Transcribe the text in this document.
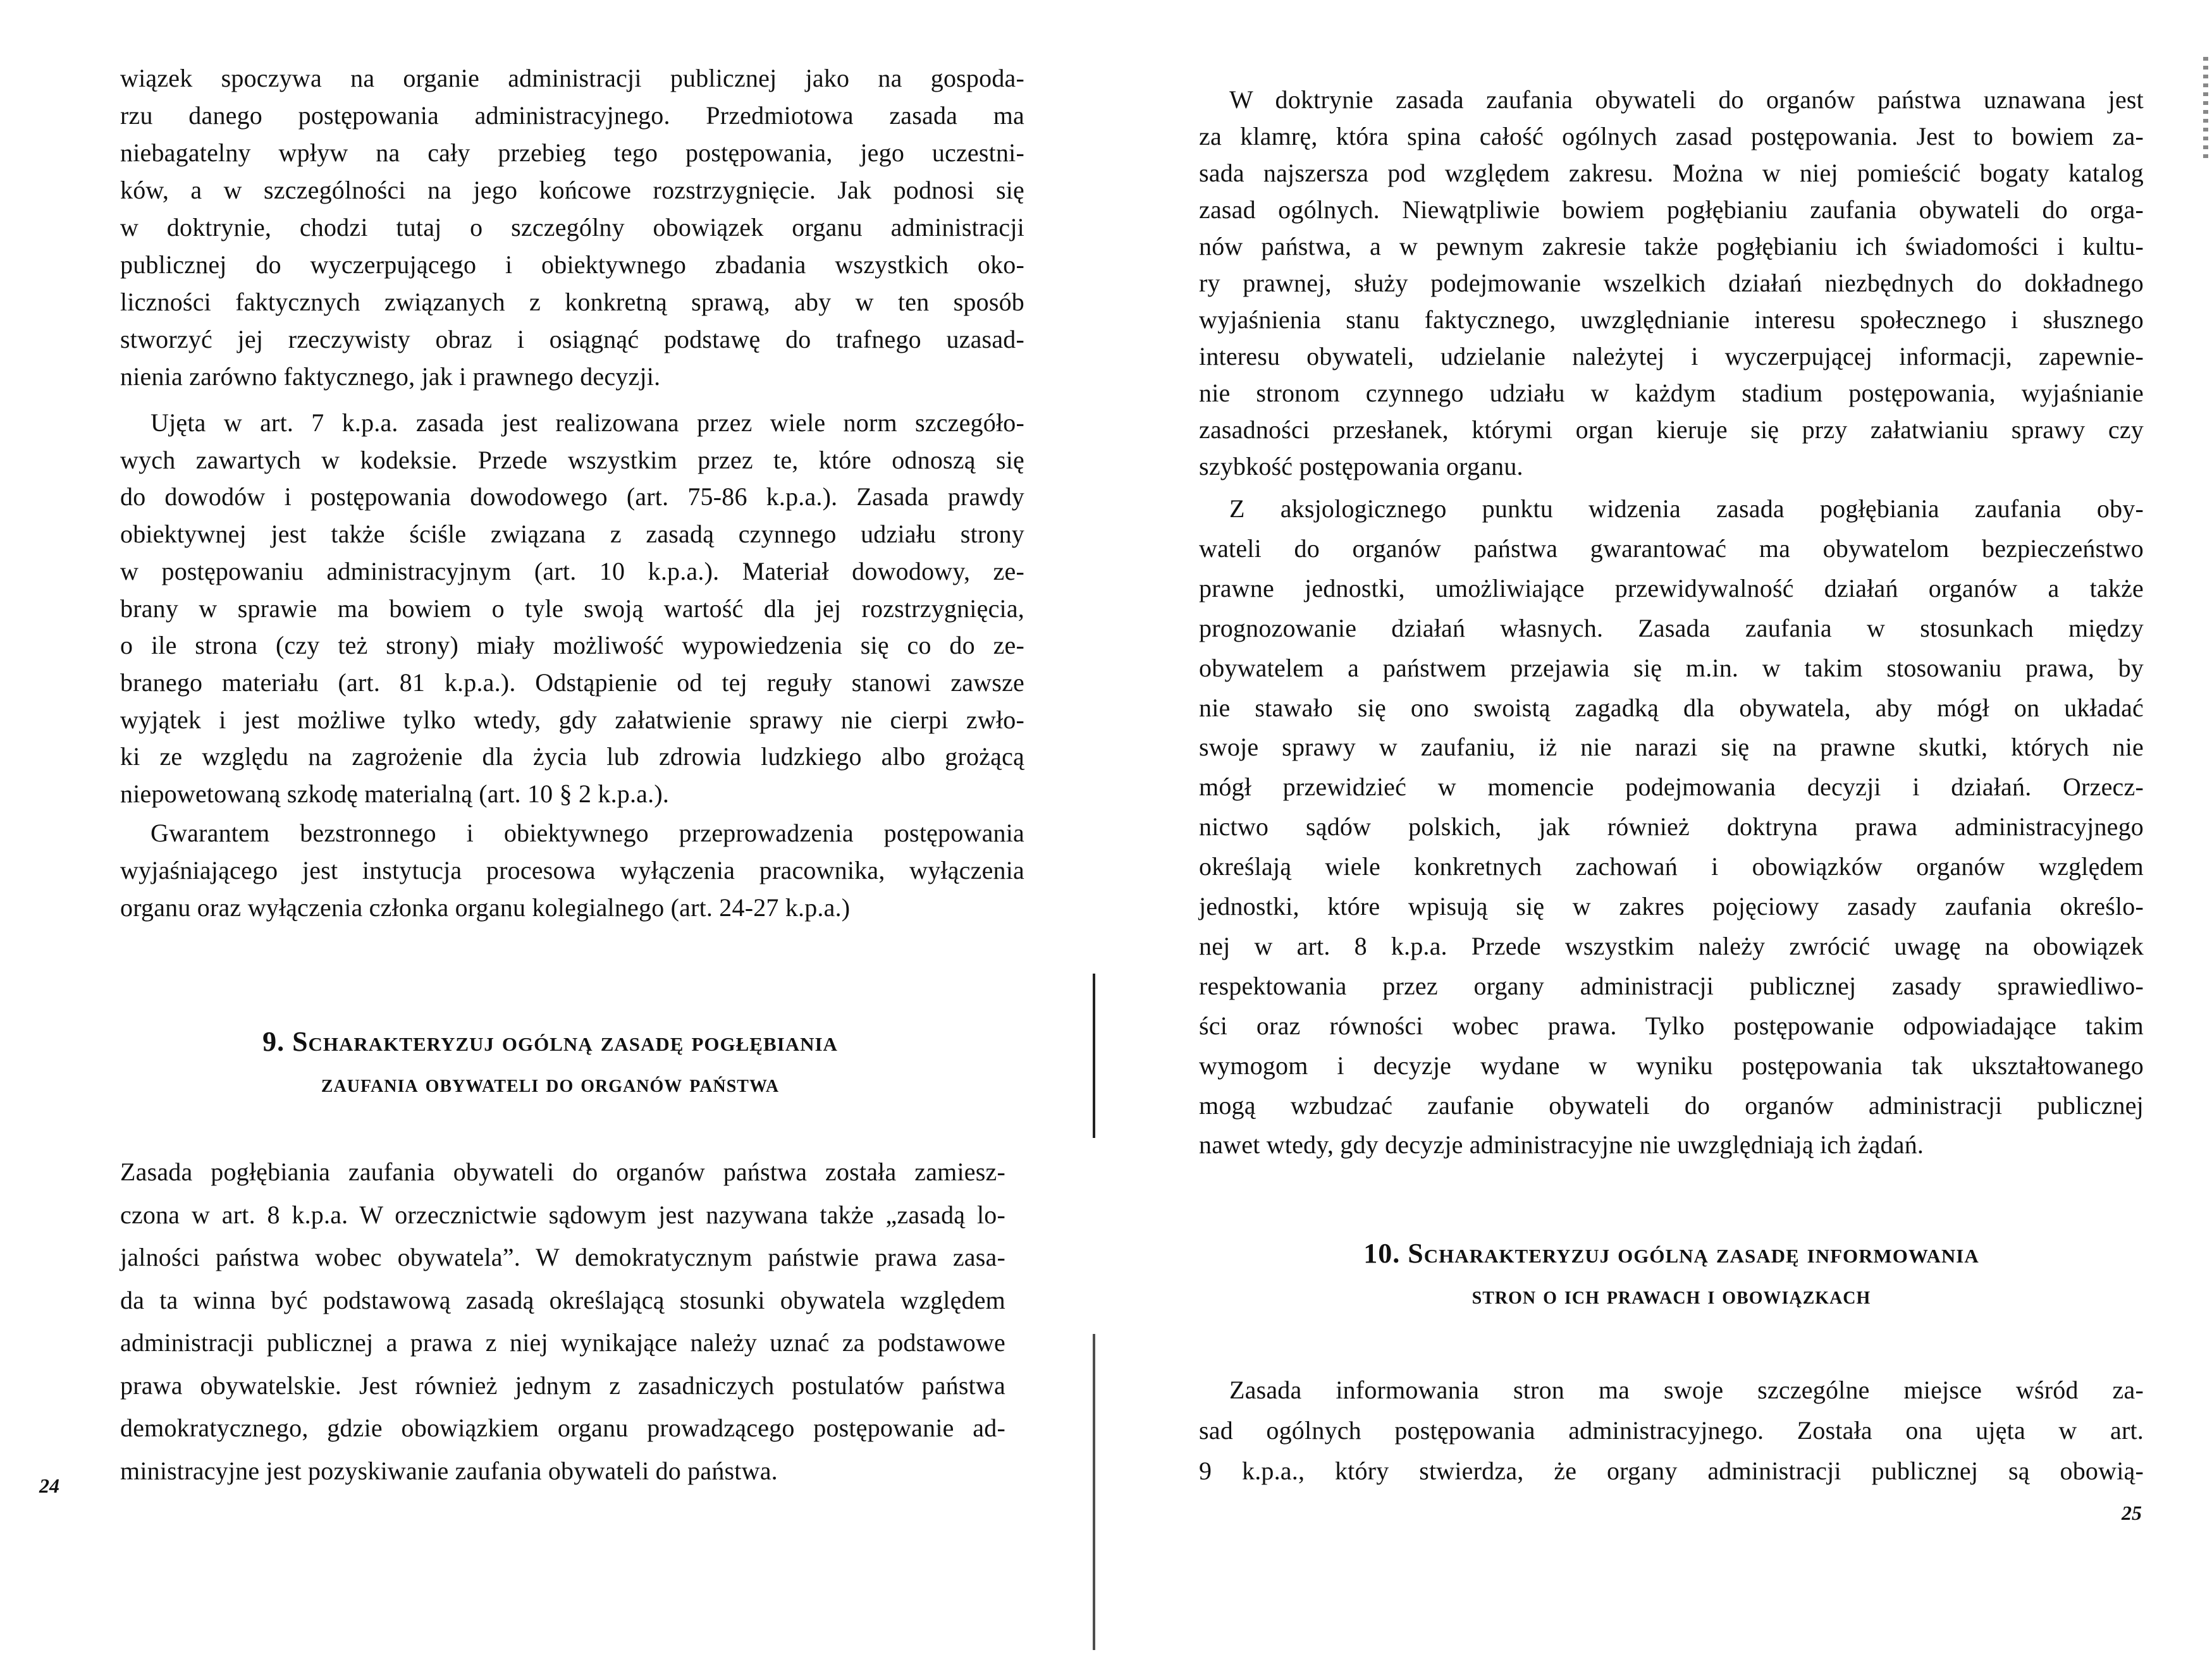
wiązek spoczywa na organie administracji publicznej jako na gospoda-
rzu danego postępowania administracyjnego. Przedmiotowa zasada ma
niebagatelny wpływ na cały przebieg tego postępowania, jego uczestni-
ków, a w szczególności na jego końcowe rozstrzygnięcie. Jak podnosi się
w doktrynie, chodzi tutaj o szczególny obowiązek organu administracji
publicznej do wyczerpującego i obiektywnego zbadania wszystkich oko-
liczności faktycznych związanych z konkretną sprawą, aby w ten sposób
stworzyć jej rzeczywisty obraz i osiągnąć podstawę do trafnego uzasad-
nienia zarówno faktycznego, jak i prawnego decyzji.
Ujęta w art. 7 k.p.a. zasada jest realizowana przez wiele norm szczegóło-
wych zawartych w kodeksie. Przede wszystkim przez te, które odnoszą się
do dowodów i postępowania dowodowego (art. 75-86 k.p.a.). Zasada prawdy
obiektywnej jest także ściśle związana z zasadą czynnego udziału strony
w postępowaniu administracyjnym (art. 10 k.p.a.). Materiał dowodowy, ze-
brany w sprawie ma bowiem o tyle swoją wartość dla jej rozstrzygnięcia,
o ile strona (czy też strony) miały możliwość wypowiedzenia się co do ze-
branego materiału (art. 81 k.p.a.). Odstąpienie od tej reguły stanowi zawsze
wyjątek i jest możliwe tylko wtedy, gdy załatwienie sprawy nie cierpi zwło-
ki ze względu na zagrożenie dla życia lub zdrowia ludzkiego albo grożącą
niepowetowaną szkodę materialną (art. 10 § 2 k.p.a.).
Gwarantem bezstronnego i obiektywnego przeprowadzenia postępowania
wyjaśniającego jest instytucja procesowa wyłączenia pracownika, wyłączenia
organu oraz wyłączenia członka organu kolegialnego (art. 24-27 k.p.a.)
9. Scharakteryzuj ogólną zasadę pogłębiania
zaufania obywateli do organów państwa
Zasada pogłębiania zaufania obywateli do organów państwa została zamiesz-
czona w art. 8 k.p.a. W orzecznictwie sądowym jest nazywana także „zasadą lo-
jalności państwa wobec obywatela”. W demokratycznym państwie prawa zasa-
da ta winna być podstawową zasadą określającą stosunki obywatela względem
administracji publicznej a prawa z niej wynikające należy uznać za podstawowe
prawa obywatelskie. Jest również jednym z zasadniczych postulatów państwa
demokratycznego, gdzie obowiązkiem organu prowadzącego postępowanie ad-
ministracyjne jest pozyskiwanie zaufania obywateli do państwa.
24
W doktrynie zasada zaufania obywateli do organów państwa uznawana jest
za klamrę, która spina całość ogólnych zasad postępowania. Jest to bowiem za-
sada najszersza pod względem zakresu. Można w niej pomieścić bogaty katalog
zasad ogólnych. Niewątpliwie bowiem pogłębianiu zaufania obywateli do orga-
nów państwa, a w pewnym zakresie także pogłębianiu ich świadomości i kultu-
ry prawnej, służy podejmowanie wszelkich działań niezbędnych do dokładnego
wyjaśnienia stanu faktycznego, uwzględnianie interesu społecznego i słusznego
interesu obywateli, udzielanie należytej i wyczerpującej informacji, zapewnie-
nie stronom czynnego udziału w każdym stadium postępowania, wyjaśnianie
zasadności przesłanek, którymi organ kieruje się przy załatwianiu sprawy czy
szybkość postępowania organu.
Z aksjologicznego punktu widzenia zasada pogłębiania zaufania oby-
wateli do organów państwa gwarantować ma obywatelom bezpieczeństwo
prawne jednostki, umożliwiające przewidywalność działań organów a także
prognozowanie działań własnych. Zasada zaufania w stosunkach między
obywatelem a państwem przejawia się m.in. w takim stosowaniu prawa, by
nie stawało się ono swoistą zagadką dla obywatela, aby mógł on układać
swoje sprawy w zaufaniu, iż nie narazi się na prawne skutki, których nie
mógł przewidzieć w momencie podejmowania decyzji i działań. Orzecz-
nictwo sądów polskich, jak również doktryna prawa administracyjnego
określają wiele konkretnych zachowań i obowiązków organów względem
jednostki, które wpisują się w zakres pojęciowy zasady zaufania określo-
nej w art. 8 k.p.a. Przede wszystkim należy zwrócić uwagę na obowiązek
respektowania przez organy administracji publicznej zasady sprawiedliwo-
ści oraz równości wobec prawa. Tylko postępowanie odpowiadające takim
wymogom i decyzje wydane w wyniku postępowania tak ukształtowanego
mogą wzbudzać zaufanie obywateli do organów administracji publicznej
nawet wtedy, gdy decyzje administracyjne nie uwzględniają ich żądań.
10. Scharakteryzuj ogólną zasadę informowania
stron o ich prawach i obowiązkach
Zasada informowania stron ma swoje szczególne miejsce wśród za-
sad ogólnych postępowania administracyjnego. Została ona ujęta w art.
9 k.p.a., który stwierdza, że organy administracji publicznej są obowią-
25
